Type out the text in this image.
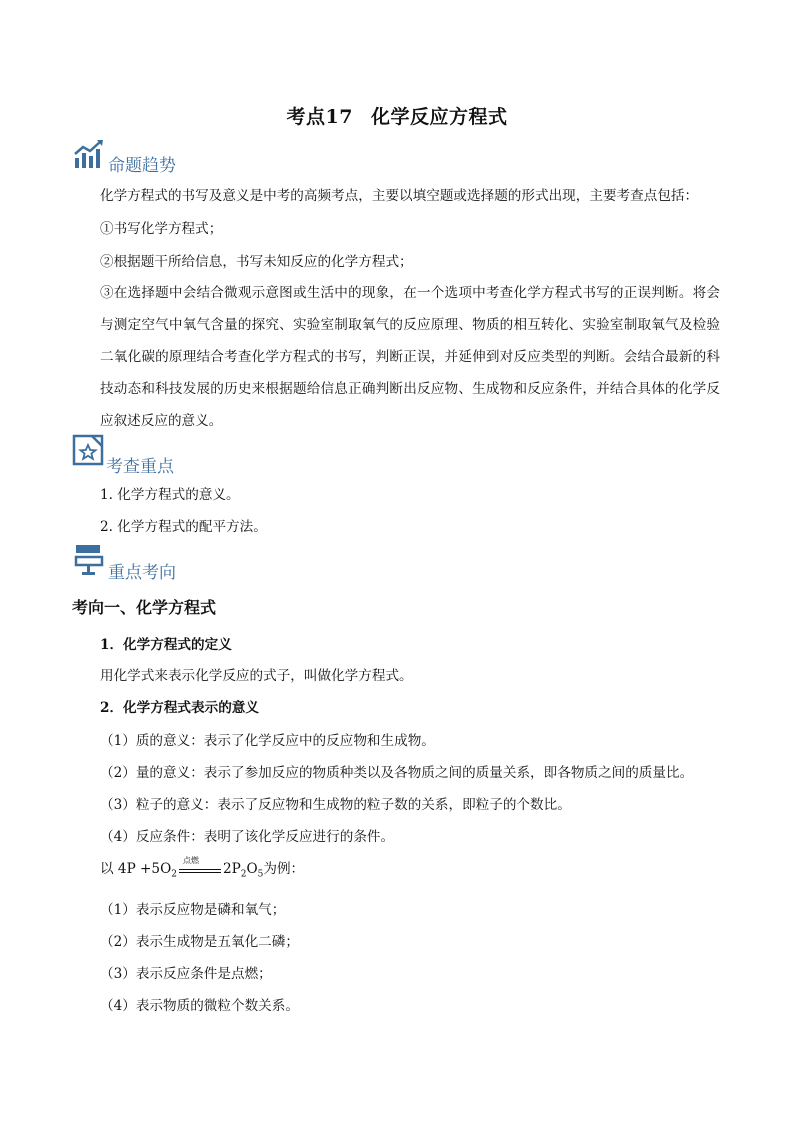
考点17 化学反应方程式
命题趋势
化学方程式的书写及意义是中考的高频考点，主要以填空题或选择题的形式出现，主要考查点包括：
①书写化学方程式；
②根据题干所给信息，书写未知反应的化学方程式；
③在选择题中会结合微观示意图或生活中的现象，在一个选项中考查化学方程式书写的正误判断。将会与测定空气中氧气含量的探究、实验室制取氧气的反应原理、物质的相互转化、实验室制取氧气及检验二氧化碳的原理结合考查化学方程式的书写，判断正误，并延伸到对反应类型的判断。会结合最新的科技动态和科技发展的历史来根据题给信息正确判断出反应物、生成物和反应条件，并结合具体的化学反应叙述反应的意义。
考查重点
1. 化学方程式的意义。
2. 化学方程式的配平方法。
重点考向
考向一、化学方程式
1．化学方程式的定义
用化学式来表示化学反应的式子，叫做化学方程式。
2．化学方程式表示的意义
（1）质的意义：表示了化学反应中的反应物和生成物。
（2）量的意义：表示了参加反应的物质种类以及各物质之间的质量关系，即各物质之间的质量比。
（3）粒子的意义：表示了反应物和生成物的粒子数的关系，即粒子的个数比。
（4）反应条件：表明了该化学反应进行的条件。
以 $4P +5O_2$
点燃
$2P_2O_5$为例：
（1）表示反应物是磷和氧气；
（2）表示生成物是五氧化二磷；
（3）表示反应条件是点燃；
（4）表示物质的微粒个数关系。
